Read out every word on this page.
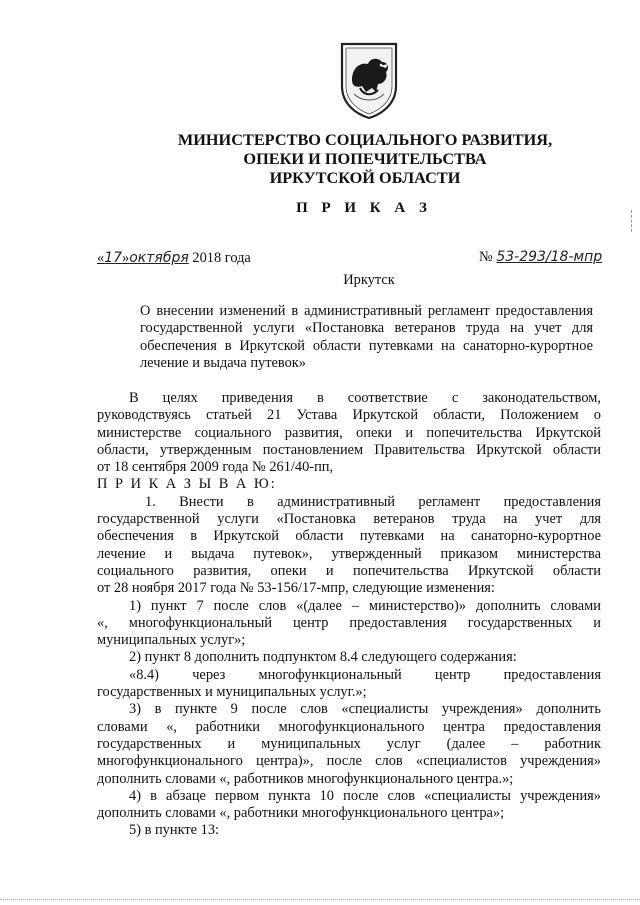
МИНИСТЕРСТВО СОЦИАЛЬНОГО РАЗВИТИЯ,
ОПЕКИ И ПОПЕЧИТЕЛЬСТВА
ИРКУТСКОЙ ОБЛАСТИ
П Р И К А З
«17»октября 2018 года	№ 53-293/18-мпр
Иркутск
О внесении изменений в административный регламент предоставления государственной услуги «Постановка ветеранов труда на учет для обеспечения в Иркутской области путевками на санаторно-курортное лечение и выдача путевок»

В целях приведения в соответствие с законодательством,

руководствуясь статьей 21 Устава Иркутской области, Положением о

министерстве социального развития, опеки и попечительства Иркутской

области, утвержденным постановлением Правительства Иркутской области

от 18 сентября 2009 года № 261/40-пп,

П Р И К А З Ы В А Ю:

1. Внести в административный регламент предоставления

государственной услуги «Постановка ветеранов труда на учет для

обеспечения в Иркутской области путевками на санаторно-курортное

лечение и выдача путевок», утвержденный приказом министерства

социального развития, опеки и попечительства Иркутской области

от 28 ноября 2017 года № 53-156/17-мпр, следующие изменения:

1) пункт 7 после слов «(далее – министерство)» дополнить словами

«, многофункциональный центр предоставления государственных и

муниципальных услуг»;

2) пункт 8 дополнить подпунктом 8.4 следующего содержания:

«8.4) через многофункциональный центр предоставления

государственных и муниципальных услуг.»;

3) в пункте 9 после слов «специалисты учреждения» дополнить

словами «, работники многофункционального центра предоставления

государственных и муниципальных услуг (далее – работник

многофункционального центра)», после слов «специалистов учреждения»

дополнить словами «, работников многофункционального центра.»;

4) в абзаце первом пункта 10 после слов «специалисты учреждения»

дополнить словами «, работники многофункционального центра»;

5) в пункте 13:
